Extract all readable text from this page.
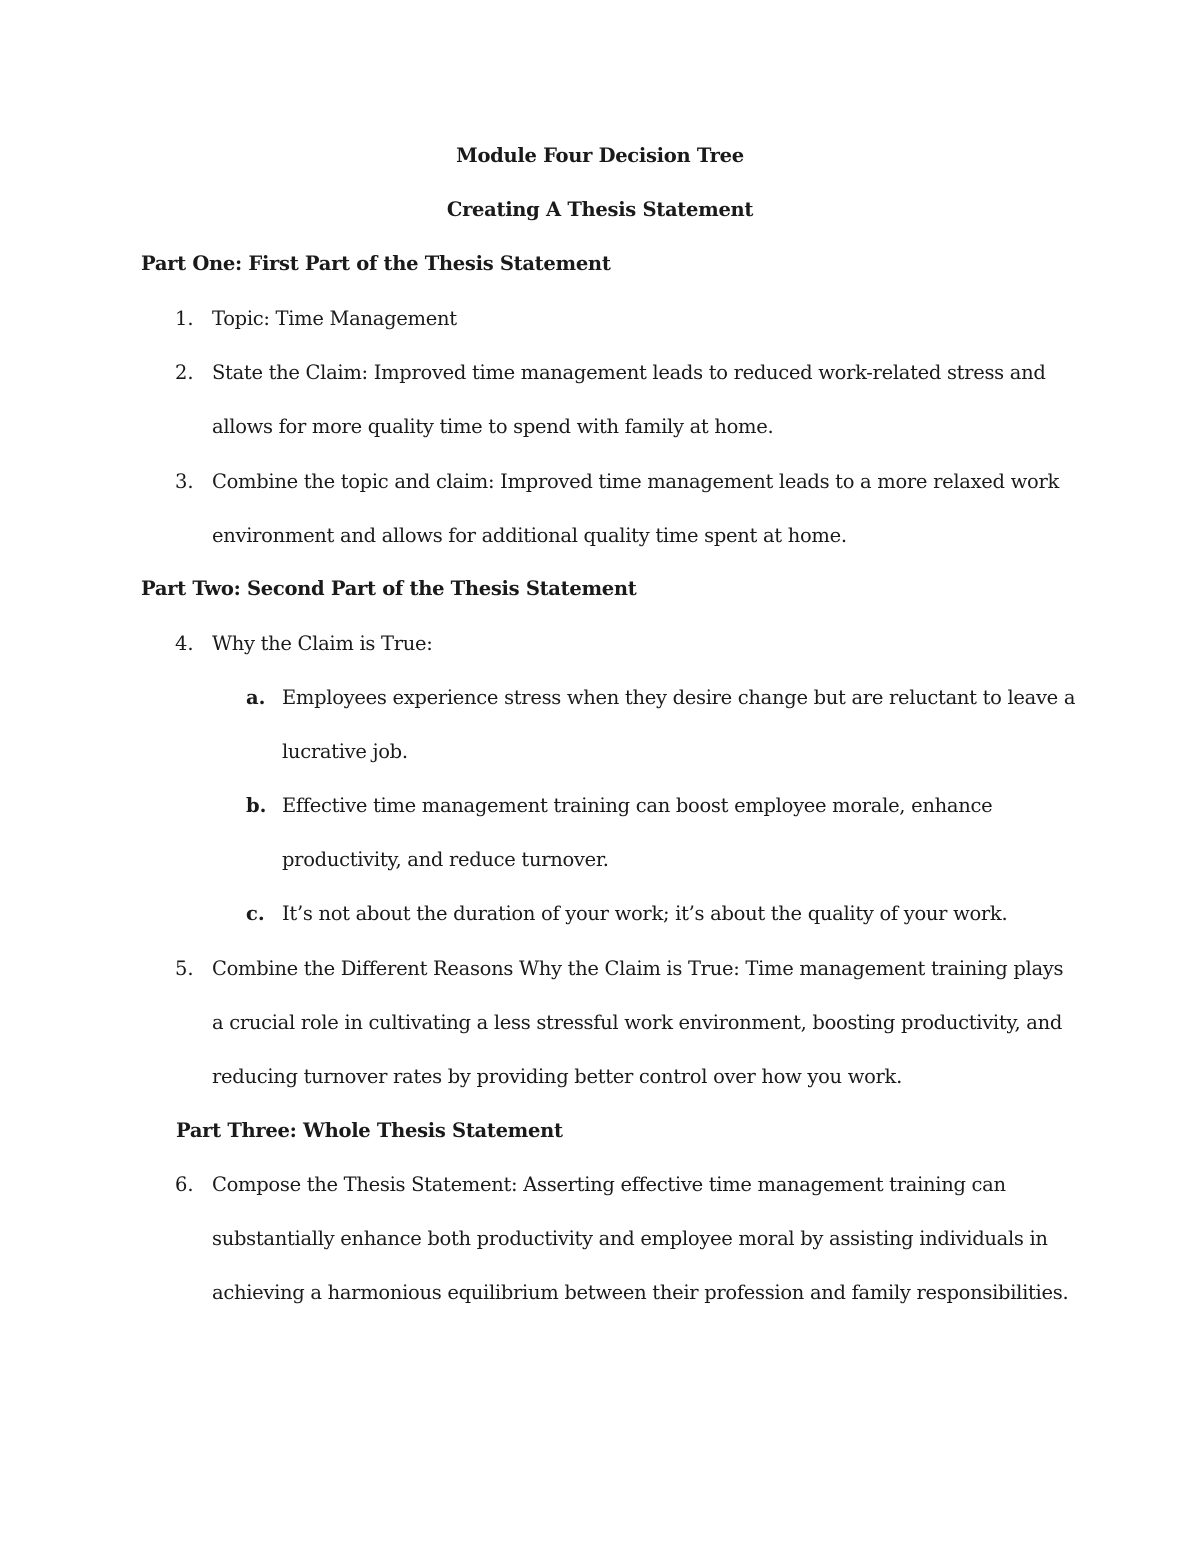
Module Four Decision Tree
Creating A Thesis Statement
Part One: First Part of the Thesis Statement
1. Topic: Time Management
2. State the Claim: Improved time management leads to reduced work-related stress and
allows for more quality time to spend with family at home.
3. Combine the topic and claim: Improved time management leads to a more relaxed work
environment and allows for additional quality time spent at home.
Part Two: Second Part of the Thesis Statement
4. Why the Claim is True:
a. Employees experience stress when they desire change but are reluctant to leave a
lucrative job.
b. Effective time management training can boost employee morale, enhance
productivity, and reduce turnover.
c. It’s not about the duration of your work; it’s about the quality of your work.
5. Combine the Different Reasons Why the Claim is True: Time management training plays
a crucial role in cultivating a less stressful work environment, boosting productivity, and
reducing turnover rates by providing better control over how you work.
Part Three: Whole Thesis Statement
6. Compose the Thesis Statement: Asserting effective time management training can
substantially enhance both productivity and employee moral by assisting individuals in
achieving a harmonious equilibrium between their profession and family responsibilities.
